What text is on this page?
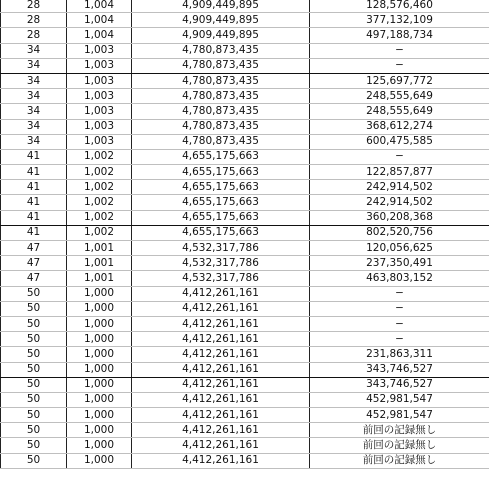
28	1,004	4,909,449,895	128,576,460
28	1,004	4,909,449,895	377,132,109
28	1,004	4,909,449,895	497,188,734
34	1,003	4,780,873,435	−
34	1,003	4,780,873,435	−
34	1,003	4,780,873,435	125,697,772
34	1,003	4,780,873,435	248,555,649
34	1,003	4,780,873,435	248,555,649
34	1,003	4,780,873,435	368,612,274
34	1,003	4,780,873,435	600,475,585
41	1,002	4,655,175,663	−
41	1,002	4,655,175,663	122,857,877
41	1,002	4,655,175,663	242,914,502
41	1,002	4,655,175,663	242,914,502
41	1,002	4,655,175,663	360,208,368
41	1,002	4,655,175,663	802,520,756
47	1,001	4,532,317,786	120,056,625
47	1,001	4,532,317,786	237,350,491
47	1,001	4,532,317,786	463,803,152
50	1,000	4,412,261,161	−
50	1,000	4,412,261,161	−
50	1,000	4,412,261,161	−
50	1,000	4,412,261,161	−
50	1,000	4,412,261,161	231,863,311
50	1,000	4,412,261,161	343,746,527
50	1,000	4,412,261,161	343,746,527
50	1,000	4,412,261,161	452,981,547
50	1,000	4,412,261,161	452,981,547
50	1,000	4,412,261,161	前回の記録無し
50	1,000	4,412,261,161	前回の記録無し
50	1,000	4,412,261,161	前回の記録無し
